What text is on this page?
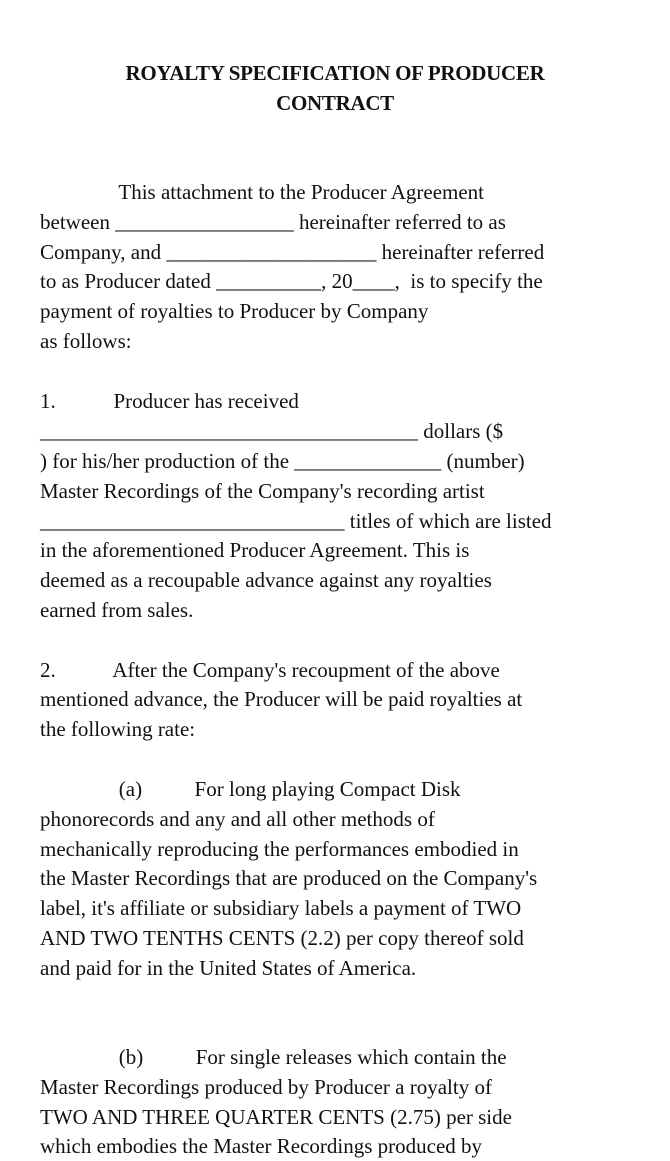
ROYALTY SPECIFICATION OF PRODUCER
CONTRACT
This attachment to the Producer Agreement
between _________________ hereinafter referred to as
Company, and ____________________ hereinafter referred
to as Producer dated __________, 20____,  is to specify the
payment of royalties to Producer by Company
as follows:
1.           Producer has received
____________________________________ dollars ($
) for his/her production of the ______________ (number)
Master Recordings of the Company's recording artist
_____________________________ titles of which are listed
in the aforementioned Producer Agreement. This is
deemed as a recoupable advance against any royalties
earned from sales.
2.           After the Company's recoupment of the above
mentioned advance, the Producer will be paid royalties at
the following rate:
(a)          For long playing Compact Disk
phonorecords and any and all other methods of
mechanically reproducing the performances embodied in
the Master Recordings that are produced on the Company's
label, it's affiliate or subsidiary labels a payment of TWO
AND TWO TENTHS CENTS (2.2) per copy thereof sold
and paid for in the United States of America.
(b)          For single releases which contain the
Master Recordings produced by Producer a royalty of
TWO AND THREE QUARTER CENTS (2.75) per side
which embodies the Master Recordings produced by
